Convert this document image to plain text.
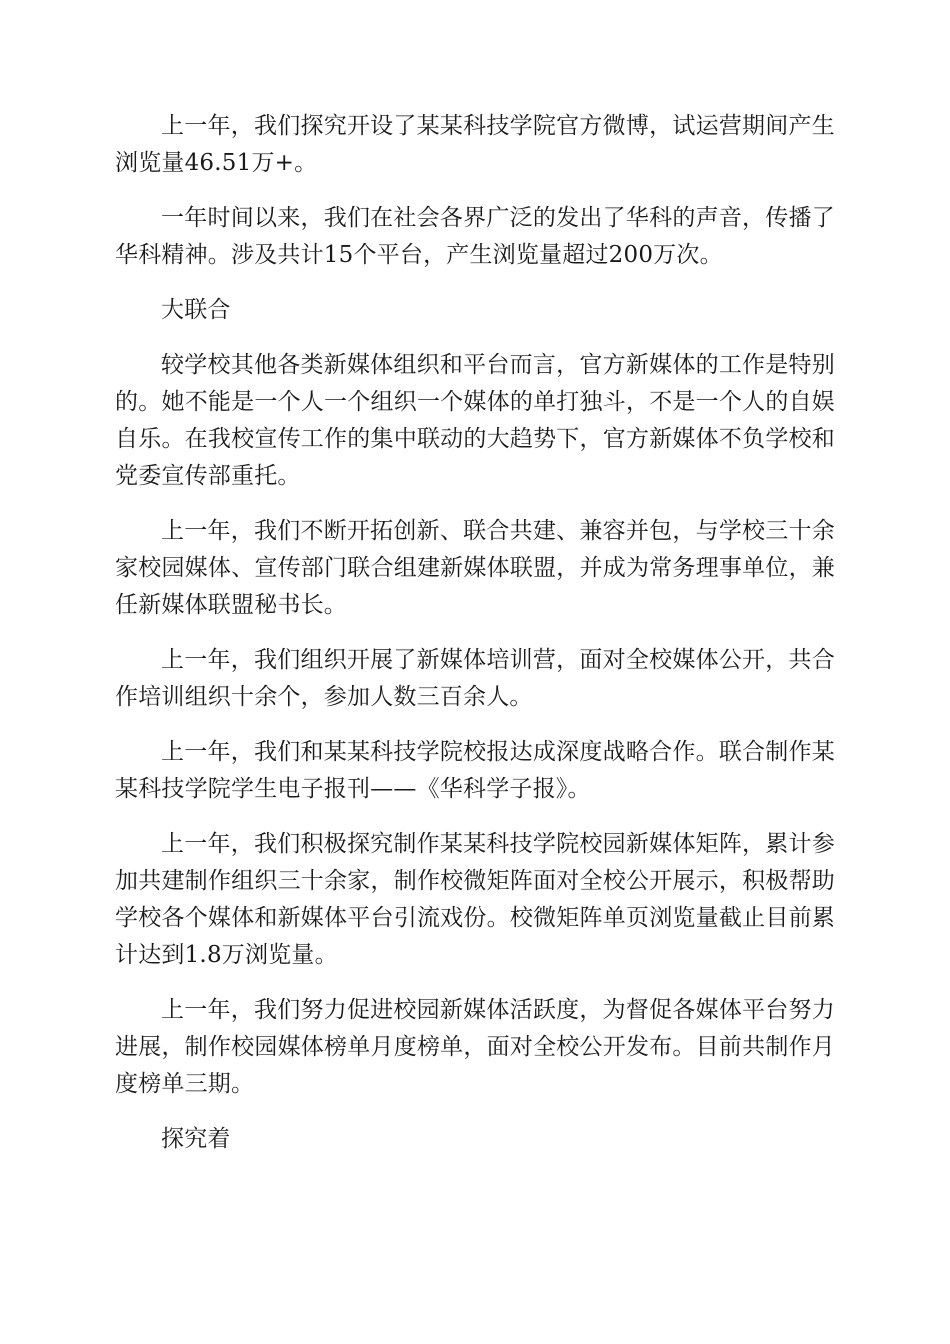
上一年，我们探究开设了某某科技学院官方微博，试运营期间产生浏览量46.51万+。

一年时间以来，我们在社会各界广泛的发出了华科的声音，传播了华科精神。涉及共计15个平台，产生浏览量超过200万次。

大联合

较学校其他各类新媒体组织和平台而言，官方新媒体的工作是特别的。她不能是一个人一个组织一个媒体的单打独斗，不是一个人的自娱自乐。在我校宣传工作的集中联动的大趋势下，官方新媒体不负学校和党委宣传部重托。

上一年，我们不断开拓创新、联合共建、兼容并包，与学校三十余家校园媒体、宣传部门联合组建新媒体联盟，并成为常务理事单位，兼任新媒体联盟秘书长。

上一年，我们组织开展了新媒体培训营，面对全校媒体公开，共合作培训组织十余个，参加人数三百余人。

上一年，我们和某某科技学院校报达成深度战略合作。联合制作某某科技学院学生电子报刊——《华科学子报》。

上一年，我们积极探究制作某某科技学院校园新媒体矩阵，累计参加共建制作组织三十余家，制作校微矩阵面对全校公开展示，积极帮助学校各个媒体和新媒体平台引流戏份。校微矩阵单页浏览量截止目前累计达到1.8万浏览量。

上一年，我们努力促进校园新媒体活跃度，为督促各媒体平台努力进展，制作校园媒体榜单月度榜单，面对全校公开发布。目前共制作月度榜单三期。

探究着
